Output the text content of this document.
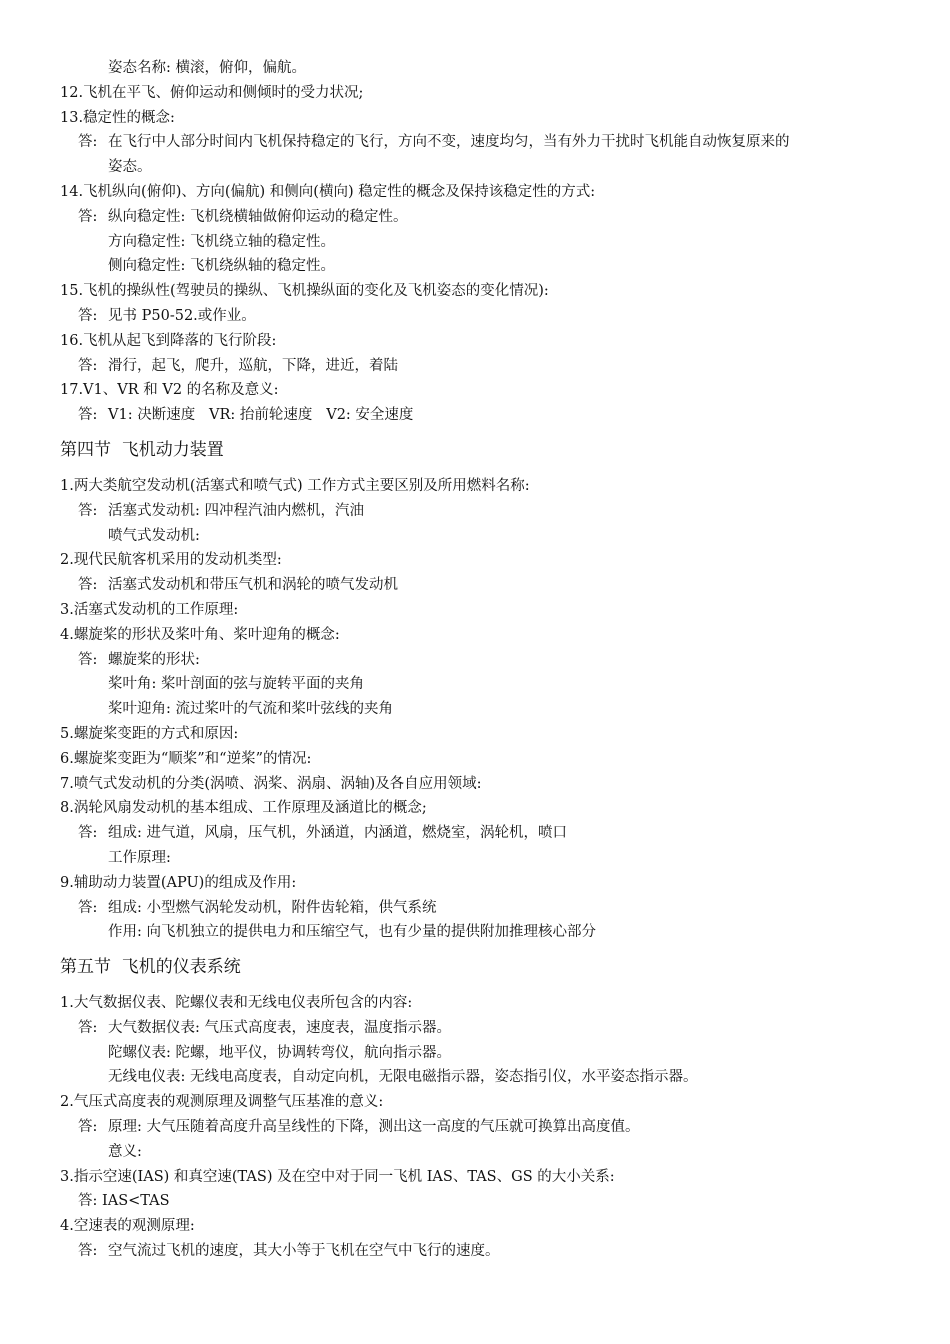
姿态名称: 横滚，俯仰，偏航。
12.飞机在平飞、俯仰运动和侧倾时的受力状况;
13.稳定性的概念:
答: 在飞行中人部分时间内飞机保持稳定的飞行，方向不变，速度均匀，当有外力干扰时飞机能自动恢复原来的
姿态。
14.飞机纵向(俯仰)、方向(偏航) 和侧向(横向) 稳定性的概念及保持该稳定性的方式:
答: 纵向稳定性: 飞机绕横轴做俯仰运动的稳定性。
方向稳定性: 飞机绕立轴的稳定性。
侧向稳定性: 飞机绕纵轴的稳定性。
15.飞机的操纵性(驾驶员的操纵、飞机操纵面的变化及飞机姿态的变化情况):
答: 见书 P50-52.或作业。
16.飞机从起飞到降落的飞行阶段:
答: 滑行，起飞，爬升，巡航，下降，进近，着陆
17.V1、VR 和 V2 的名称及意义:
答: V1: 决断速度   VR: 抬前轮速度   V2: 安全速度
第四节  飞机动力装置
1.两大类航空发动机(活塞式和喷气式) 工作方式主要区别及所用燃料名称:
答: 活塞式发动机: 四冲程汽油内燃机，汽油
喷气式发动机:
2.现代民航客机采用的发动机类型:
答: 活塞式发动机和带压气机和涡轮的喷气发动机
3.活塞式发动机的工作原理:
4.螺旋桨的形状及桨叶角、桨叶迎角的概念:
答: 螺旋桨的形状:
桨叶角: 桨叶剖面的弦与旋转平面的夹角
桨叶迎角: 流过桨叶的气流和桨叶弦线的夹角
5.螺旋桨变距的方式和原因:
6.螺旋桨变距为“顺桨”和“逆桨”的情况:
7.喷气式发动机的分类(涡喷、涡桨、涡扇、涡轴)及各自应用领域:
8.涡轮风扇发动机的基本组成、工作原理及涵道比的概念;
答: 组成: 进气道，风扇，压气机，外涵道，内涵道，燃烧室，涡轮机，喷口
工作原理:
9.辅助动力装置(APU)的组成及作用:
答: 组成: 小型燃气涡轮发动机，附件齿轮箱，供气系统
作用: 向飞机独立的提供电力和压缩空气，也有少量的提供附加推理核心部分
第五节  飞机的仪表系统
1.大气数据仪表、陀螺仪表和无线电仪表所包含的内容:
答: 大气数据仪表: 气压式高度表，速度表，温度指示器。
陀螺仪表: 陀螺，地平仪，协调转弯仪，航向指示器。
无线电仪表: 无线电高度表，自动定向机，无限电磁指示器，姿态指引仪，水平姿态指示器。
2.气压式高度表的观测原理及调整气压基准的意义:
答: 原理: 大气压随着高度升高呈线性的下降，测出这一高度的气压就可换算出高度值。
意义:
3.指示空速(IAS) 和真空速(TAS) 及在空中对于同一飞机 IAS、TAS、GS 的大小关系:
答: IAS<TAS
4.空速表的观测原理:
答: 空气流过飞机的速度，其大小等于飞机在空气中飞行的速度。
